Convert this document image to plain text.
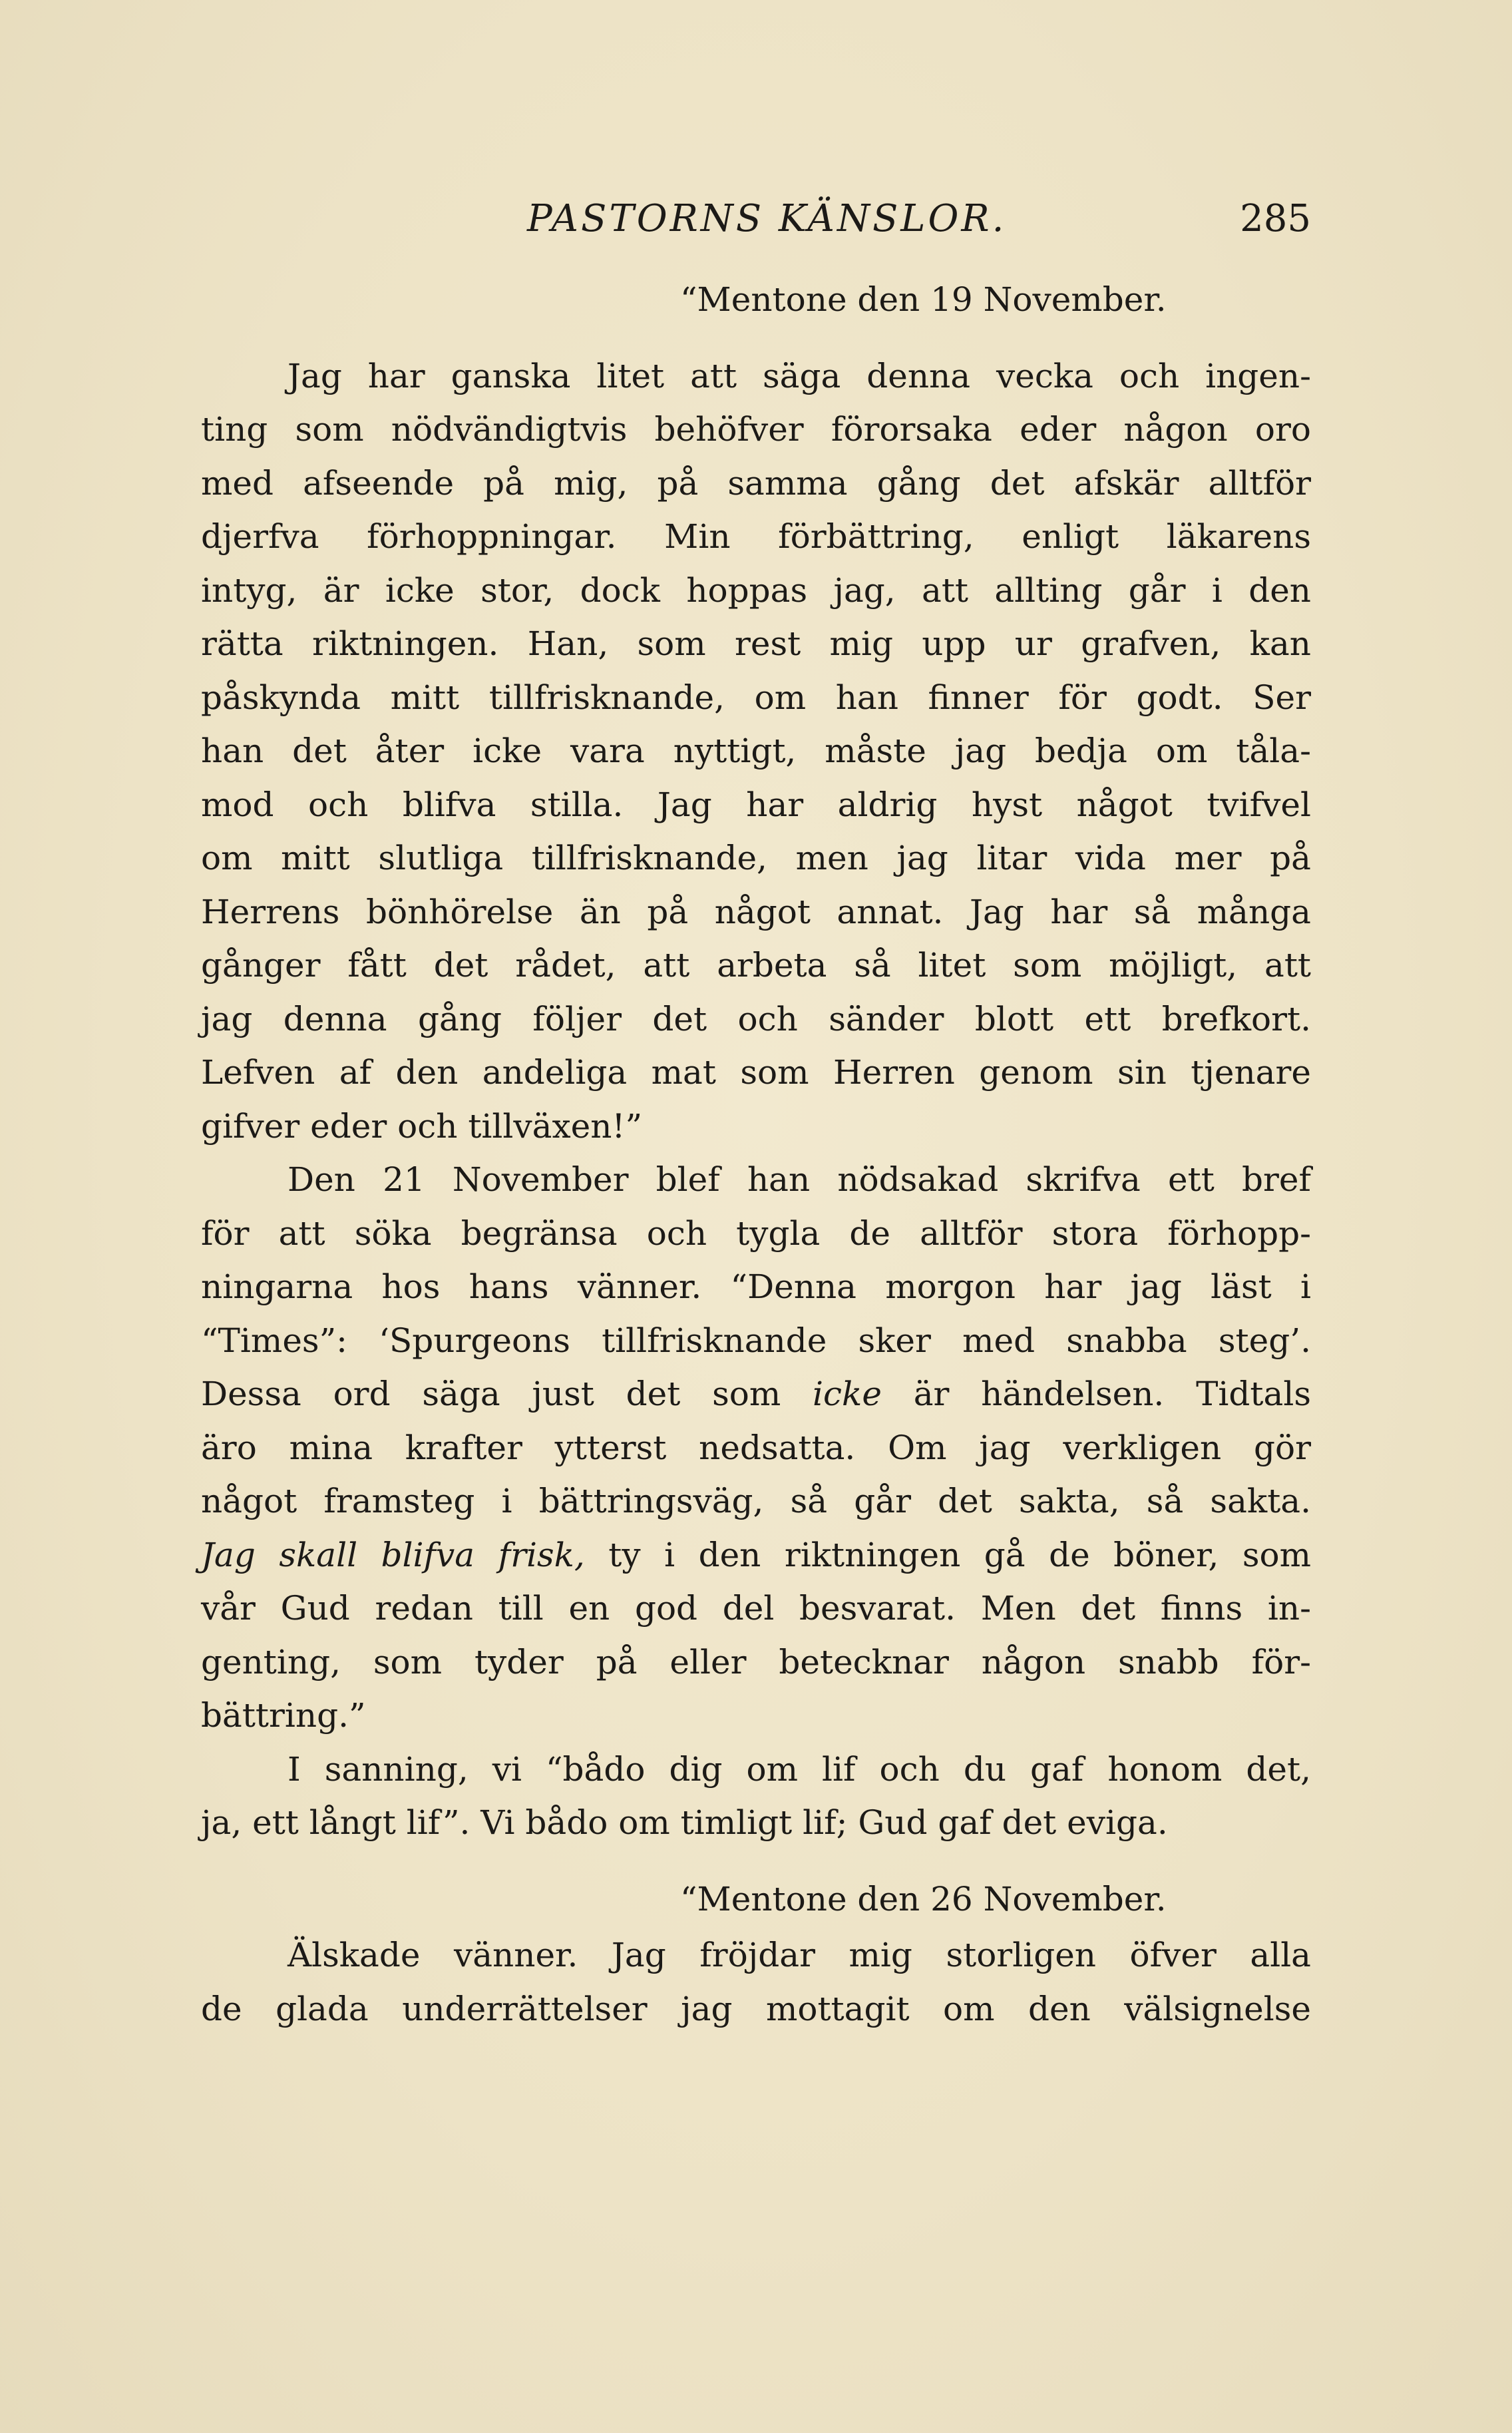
PASTORNS KÄNSLOR.	285
“Mentone den 19 November.
Jag har ganska litet att säga denna vecka och ingen-
ting som nödvändigtvis behöfver förorsaka eder någon oro
med afseende på mig, på samma gång det afskär alltför
djerfva förhoppningar. Min förbättring, enligt läkarens
intyg, är icke stor, dock hoppas jag, att allting går i den
rätta riktningen. Han, som rest mig upp ur grafven, kan
påskynda mitt tillfrisknande, om han finner för godt. Ser
han det åter icke vara nyttigt, måste jag bedja om tåla-
mod och blifva stilla. Jag har aldrig hyst något tvifvel
om mitt slutliga tillfrisknande, men jag litar vida mer på
Herrens bönhörelse än på något annat. Jag har så många
gånger fått det rådet, att arbeta så litet som möjligt, att
jag denna gång följer det och sänder blott ett brefkort.
Lefven af den andeliga mat som Herren genom sin tjenare
gifver eder och tillväxen!”
Den 21 November blef han nödsakad skrifva ett bref
för att söka begränsa och tygla de alltför stora förhopp-
ningarna hos hans vänner. “Denna morgon har jag läst i
“Times”: ‘Spurgeons tillfrisknande sker med snabba steg’.
Dessa ord säga just det som icke är händelsen. Tidtals
äro mina krafter ytterst nedsatta. Om jag verkligen gör
något framsteg i bättringsväg, så går det sakta, så sakta.
Jag skall blifva frisk, ty i den riktningen gå de böner, som
vår Gud redan till en god del besvarat. Men det finns in-
genting, som tyder på eller betecknar någon snabb för-
bättring.”
I sanning, vi “bådo dig om lif och du gaf honom det,
ja, ett långt lif”. Vi bådo om timligt lif; Gud gaf det eviga.
“Mentone den 26 November.
Älskade vänner. Jag fröjdar mig storligen öfver alla
de glada underrättelser jag mottagit om den välsignelse
